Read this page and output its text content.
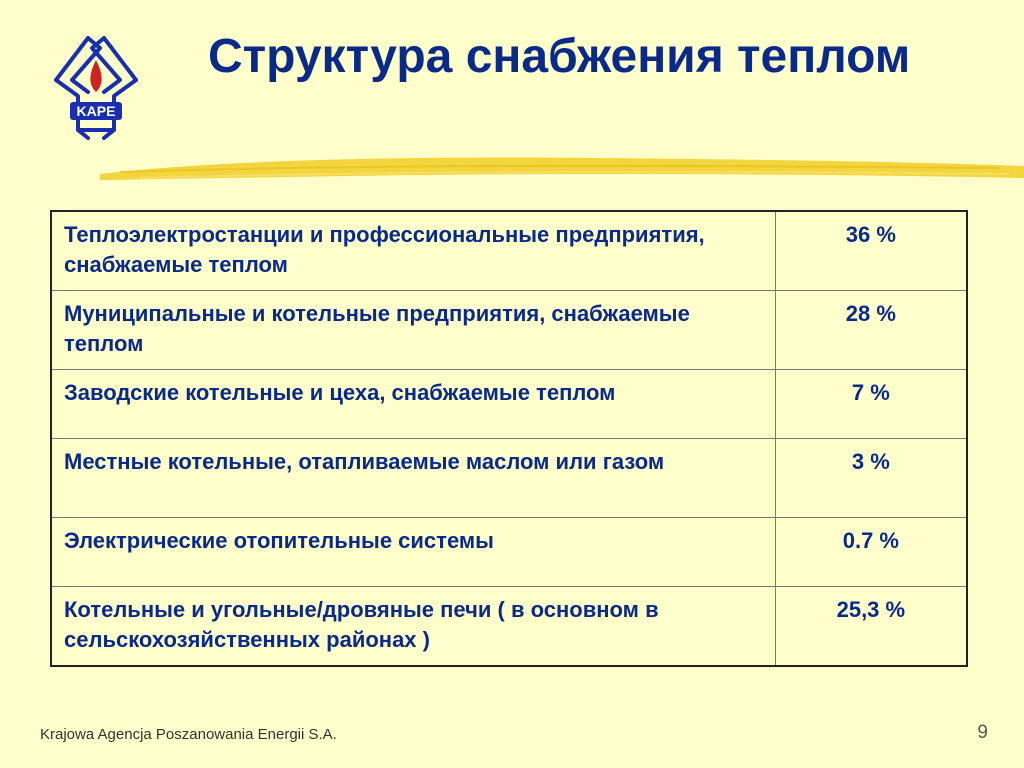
KAPE
Структура снабжения теплом
Теплоэлектростанции и профессиональные предприятия, снабжаемые теплом	36 %
Муниципальные и котельные предприятия, снабжаемые теплом	28 %
Заводские котельные и цеха, снабжаемые теплом	7 %
Местные котельные, отапливаемые маслом или газом	3 %
Электрические отопительные системы	0.7 %
Котельные и угольные/дровяные печи ( в основном в сельскохозяйственных районах )	25,3 %
Krajowa Agencja Poszanowania Energii S.A.	9
